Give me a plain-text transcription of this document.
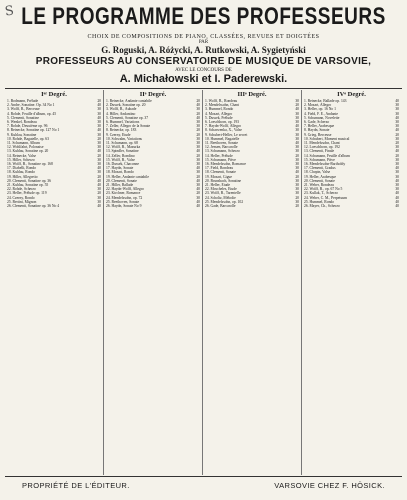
S LE PROGRAMME DES PROFESSEURS
CHOIX DE COMPOSITIONS DE PIANO, CLASSÉES, REVUES ET DOIGTÉES
PAR
G. Roguski, A. Różycki, A. Rutkowski, A. Sygietyński
PROFESSEURS AU CONSERVATOIRE DE MUSIQUE DE VARSOVIE,
AVEC LE CONCOURS DE
A. Michałowski et I. Paderewski.
Iᵉʳ Degré.
1. Bodmann, Prélude	20
2. Andre, Sonatine. Op. 34 No 1	40
3. Wolff, B., Berceuse	30
4. Rohde, Feuille d'album, op. 45	30
5. Clementi, Sonatine	40
6. Wenkel, Rondeau	30
7. Rohde, Deuxième op. 96	30
8. Reinecke, Sonatine op. 127 No 1	40
9. Kuhlau, Sonatine	30
10. Rohde, Bagatelle, op. 63	20
11. Schumann, Album	30
12. Wohlfahrt, Polonaise	30
13. Kuhlau, Sonatine op. 20	40
14. Reinecke, Valse	20
15. Hiller, Scherzo	30
16. Wolff, B., Sonatine op. 168	30
17. Diabelli, Rondo	40
18. Kuhlau, Rondo	30
19. Hiller, Allegretto	20
20. Clementi, Sonatine op. 36	40
21. Kuhlau, Sonatine op. 55	40
22. Rohde, Scherzo	30
23. Heller, Prélude op. 119	20
24. Czerny, Rondo	30
25. Bertini, Mignon	30
26. Clementi, Sonatine op. 36 No 4	40
IIᵉ Degré.
1. Reinecke, Andante cantabile	20
2. Dussek, Sonatine op. 20	40
3. Wolff, B., Aubade	30
4. Hiller, Andantino	20
5. Clementi, Sonatine op. 37	40
6. Hummel, Variations	30
7. Zeller, Allegro de la Sonate	30
8. Reinecke, op. 183	20
9. Czerny, Etude	20
10. Schwalm, Variations	30
11. Schumann, op. 68	30
12. Wolff, B., Mazurka	30
13. Spindler, Sonatine	40
14. Zeller, Rondino	20
15. Wolff, B., Valse	30
16. Dussek, Chaconne	30
17. Haydn, Sonate	40
18. Mozart, Rondo	30
19. Heller, Andante cantabile	20
20. Clementi, Sonate	40
21. Hiller, Ballade	30
22. Haydn-Wolff, Allegro	40
23. Kirchner, Romance	20
24. Mendelssohn, op. 72	30
25. Beethoven, Sonate	40
26. Haydn, Sonate No 9	40
IIIᵉ Degré.
1. Wolff, B., Rondeau	30
2. Mendelssohn, Chant	20
3. Hummel, Rondo	40
4. Mozart, Allegro	30
5. Dussek, Prélude	30
6. Loeschhorn, op. 193	30
7. Haydn-Wolff, Allegro	40
8. Scharwenka, X., Valse	30
9. Schubert-Heller, Le secret	30
10. Hummel, Bagatelle	30
11. Beethoven, Sonate	40
12. Jensen, Barcarolle	30
13. Schumann, Scherzo	30
14. Heller, Prélude	20
15. Schumann, Pièce	30
16. Mendelssohn, Romance	30
17. Field, Rondeau	30
18. Clementi, Sonate	40
19. Mozart, Gigue	20
20. Brunsbach, Sonatine	30
21. Heller, Etude	30
22. Moscheles, Etude	30
23. Wolff, B., Tarentelle	30
24. Scholtz, Mélodie	20
25. Mendelssohn, op. 102	30
26. Gade, Barcarolle	20
IVᵉ Degré.
1. Reinecke, Ballade op. 143	40
2. Mozart, Allegro	30
3. Heller, op. 16 No 1	30
4. Field, F. E., Andante	30
5. Schumann, Novelette	40
6. Gade, Scherzo	30
7. Heller, Arabesque	30
8. Haydn, Sonate	40
9. Grieg, Berceuse	20
10. Schubert, Moment musical	30
11. Mendelssohn, Chant	20
12. Loeschhorn, op. 192	30
13. Clementi, Finale	40
14. Schumann, Feuille d'album	20
15. Schumann, Pièce	30
16. Mendelssohn-Bartholdy	30
17. Clementi, Gradus	40
18. Chopin, Valse	30
19. Heller, Arabesque	30
20. Clementi, Sonate	40
21. Weber, Rondeau	30
22. Wolff, B., op. 67 No 5	30
23. Kullak, T., Scherzo	40
24. Weber, C. M., Perpetuum	40
25. Hummel, Rondo	40
26. Mayer, Ch., Scherzo	40
PROPRIÉTÉ DE L'ÉDITEUR.	VARSOVIE CHEZ F. HÖSICK.
